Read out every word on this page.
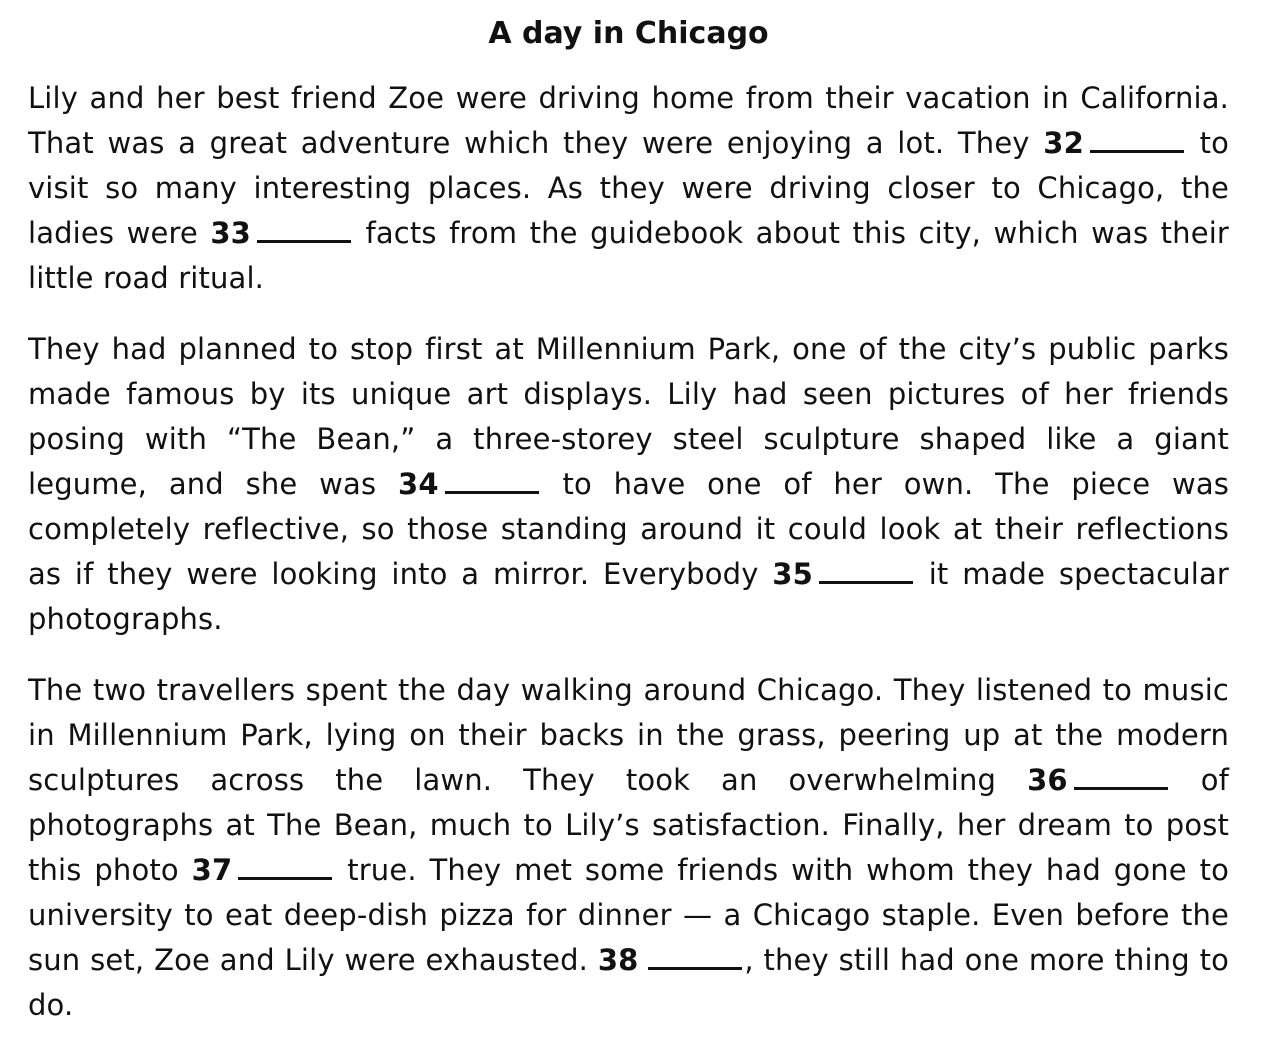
A day in Chicago

Lily and her best friend Zoe were driving home from their vacation in California. That was a great adventure which they were enjoying a lot. They 32	to visit so many interesting places. As they were driving closer to Chicago, the ladies were 33	facts from the guidebook about this city, which was their little road ritual.

They had planned to stop first at Millennium Park, one of the city’s public parks made famous by its unique art displays. Lily had seen pictures of her friends posing with “The Bean,” a three-storey steel sculpture shaped like a giant legume, and she was 34	to have one of her own. The piece was completely reflective, so those standing around it could look at their reflections as if they were looking into a mirror. Everybody 35	it made spectacular photographs.

The two travellers spent the day walking around Chicago. They listened to music in Millennium Park, lying on their backs in the grass, peering up at the modern sculptures across the lawn. They took an overwhelming 36	of photographs at The Bean, much to Lily’s satisfaction. Finally, her dream to post this photo 37	true. They met some friends with whom they had gone to university to eat deep-dish pizza for dinner — a Chicago staple. Even before the sun set, Zoe and Lily were exhausted. 38	, they still had one more thing to do.
